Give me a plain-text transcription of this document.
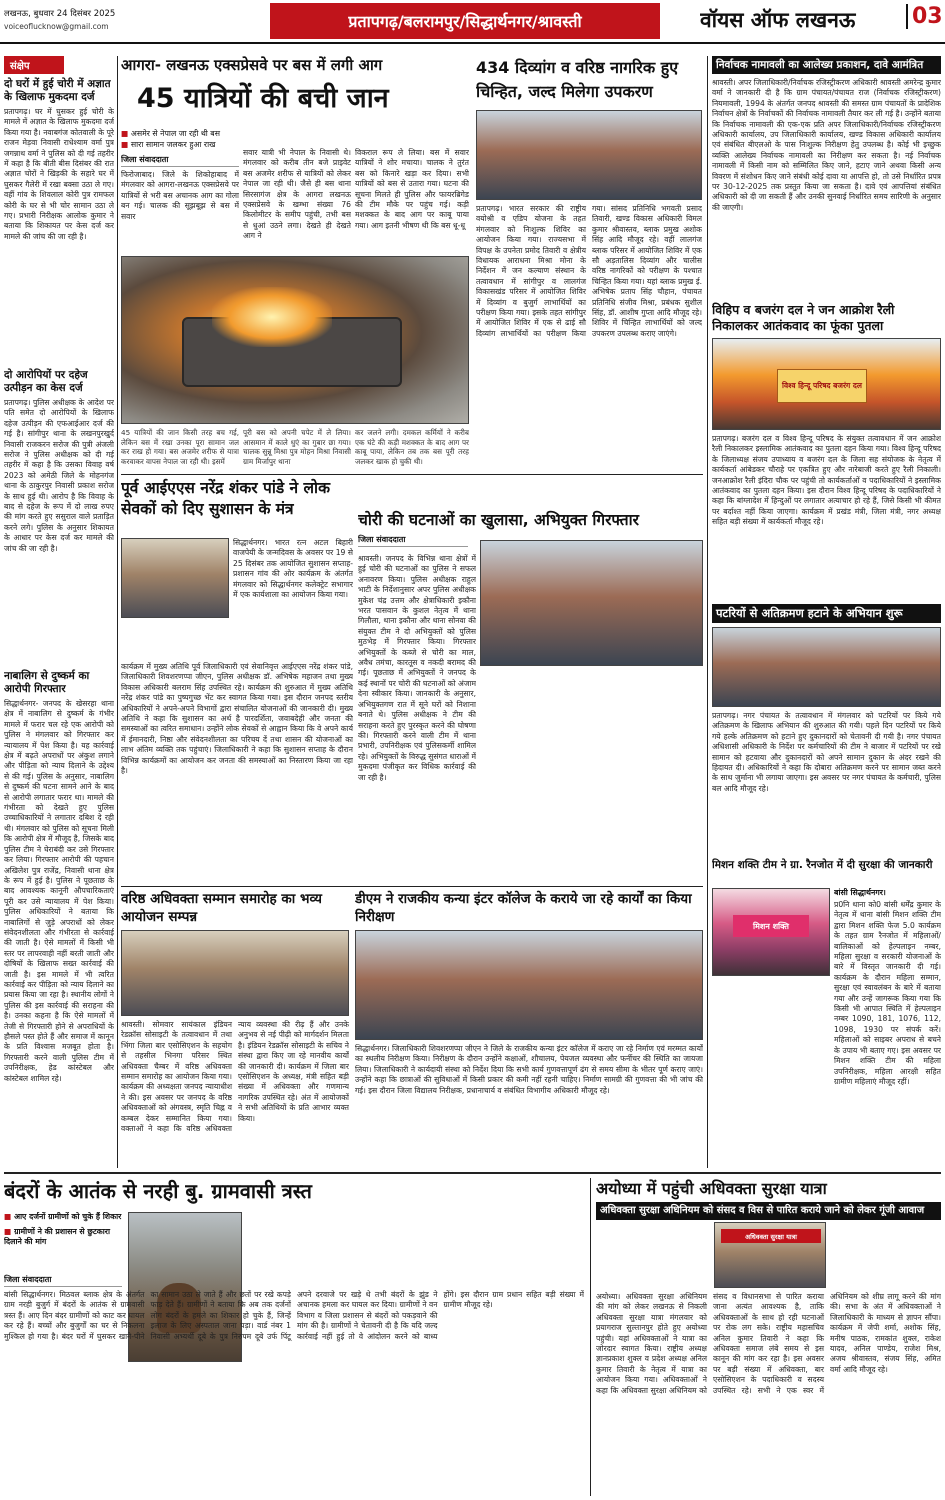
लखनऊ, बुधवार 24 दिसंबर 2025
voiceoflucknow@gmail.com	प्रतापगढ़/बलरामपुर/सिद्धार्थनगर/श्रावस्ती	वॉयस ऑफ लखनऊ	03
संक्षेप
दो घरों में हुई चोरी में अज्ञात के खिलाफ मुकदमा दर्ज
प्रतापगढ़। घर में घुसकर हुई चोरी के मामले में अज्ञात के खिलाफ मुकदमा दर्ज किया गया है। नवाबगंज कोतवाली के पूरे राजन मेड़वा निवासी राधेश्याम वर्मा पुत्र जगन्नाथ वर्मा ने पुलिस को दी गई तहरीर में कहा है कि बीती बीस दिसंबर की रात अज्ञात चोरों ने खिड़की के सहारे घर में घुसकर गैलेरी में रखा बक्सा उठा ले गए। वहीं गांव के शिवलाल कोरी पुत्र रामफल कोरी के घर से भी चोर सामान उठा ले गए। प्रभारी निरीक्षक आलोक कुमार ने बताया कि शिकायत पर केस दर्ज कर मामले की जांच की जा रही है।
दो आरोपियों पर दहेज उत्पीड़न का केस दर्ज
प्रतापगढ़। पुलिस अधीक्षक के आदेश पर पति समेत दो आरोपियों के खिलाफ दहेज उत्पीड़न की एफआईआर दर्ज की गई है। सांगीपुर थाना के लखनपुरखुर्द निवासी राजकरन सरोज की पुत्री अंजली सरोज ने पुलिस अधीक्षक को दी गई तहरीर में कहा है कि उसका विवाह वर्ष 2023 को अमेठी जिले के मोहनगंज थाना के ठाकुरपुर निवासी प्रकाश सरोज के साथ हुई थी। आरोप है कि विवाह के बाद से दहेज के रूप में दो लाख रुपए की मांग करते हुए ससुराल वाले प्रताड़ित करने लगे। पुलिस के अनुसार शिकायत के आधार पर केस दर्ज कर मामले की जांच की जा रही है।
नाबालिग से दुष्कर्म का आरोपी गिरफ्तार
सिद्धार्थनगर- जनपद के खेसरहा थाना क्षेत्र में नाबालिग से दुष्कर्म के गंभीर मामले में फरार चल रहे एक आरोपी को पुलिस ने मंगलवार को गिरफ्तार कर न्यायालय में पेश किया है। यह कार्रवाई क्षेत्र में बढ़ते अपराधों पर अंकुश लगाने और पीड़िता को न्याय दिलाने के उद्देश्य से की गई। पुलिस के अनुसार, नाबालिग से दुष्कर्म की घटना सामने आने के बाद से आरोपी लगातार फरार था। मामले की गंभीरता को देखते हुए पुलिस उच्चाधिकारियों ने लगातार दबिश दे रही थी। मंगलवार को पुलिस को सूचना मिली कि आरोपी क्षेत्र में मौजूद है, जिसके बाद पुलिस टीम ने घेराबंदी कर उसे गिरफ्तार कर लिया। गिरफ्तार आरोपी की पहचान अखिलेश पुत्र राजेंद्र, निवासी थाना क्षेत्र के रूप में हुई है। पुलिस ने पूछताछ के बाद आवश्यक कानूनी औपचारिकताएं पूरी कर उसे न्यायालय में पेश किया। पुलिस अधिकारियों ने बताया कि नाबालिगों से जुड़े अपराधों को लेकर संवेदनशीलता और गंभीरता से कार्रवाई की जाती है। ऐसे मामलों में किसी भी स्तर पर लापरवाही नहीं बरती जाती और दोषियों के खिलाफ सख्त कार्रवाई की जाती है। इस मामले में भी त्वरित कार्रवाई कर पीड़िता को न्याय दिलाने का प्रयास किया जा रहा है। स्थानीय लोगों ने पुलिस की इस कार्रवाई की सराहना की है। उनका कहना है कि ऐसे मामलों में तेजी से गिरफ्तारी होने से अपराधियों के हौसले पस्त होते हैं और समाज में कानून के प्रति विश्वास मजबूत होता है। गिरफ्तारी करने वाली पुलिस टीम में उपनिरीक्षक, हेड कांस्टेबल और कांस्टेबल शामिल रहे।
आगरा- लखनऊ एक्सप्रेसवे पर बस में लगी आग
45 यात्रियों की बची जान
■ असमेर से नेपाल जा रही थी बस
■ सारा सामान जलकर हुआ राख
जिला संवाददाता
फिरोजाबाद। जिले के शिकोहाबाद में मंगलवार को आगरा-लखनऊ एक्सप्रेसवे पर यात्रियों से भरी बस अचानक आग का गोला बन गई। चालक की सूझबूझ से बस में सवार
सवार यात्री भी नेपाल के निवासी थे। मंगलवार को करीब तीन बजे प्राइवेट बस अजमेर शरीफ से यात्रियों को लेकर नेपाल जा रही थी। जैसे ही बस थाना सिरसागंज क्षेत्र के आगरा लखनऊ एक्सप्रेसवे के खम्भा संख्या 76 किलोमीटर के समीप पहुंची, तभी बस से धुआं उठने लगा। देखते ही देखते आग ने
विकराल रूप ले लिया। बस में सवार यात्रियों ने शोर मचाया। चालक ने तुरंत बस को किनारे खड़ा कर दिया। सभी यात्रियों को बस से उतारा गया। घटना की सूचना मिलते ही पुलिस और फायरब्रिगेड की टीम मौके पर पहुंच गई। कड़ी मशक्कत के बाद आग पर काबू पाया गया। आग इतनी भीषण थी कि बस धू-धू
45 यात्रियों की जान किसी तरह बच गई, लेकिन बस में रखा उनका पूरा सामान जल कर राख हो गया। बस अजमेर शरीफ से यात्रा करवाकर वापस नेपाल जा रही थी। इसमें
पूरी बस को अपनी चपेट में ले लिया। आसमान में काले धुएं का गुबार छा गया। चालक सुन्नू मिश्रा पुत्र मोहन मिश्रा निवासी ग्राम मिर्जापुर थाना
कर जलने लगी। दमकल कर्मियों ने करीब एक घंटे की कड़ी मशक्कत के बाद आग पर काबू पाया, लेकिन तब तक बस पूरी तरह जलकर खाक हो चुकी थी।
434 दिव्यांग व वरिष्ठ नागरिक हुए चिन्हित, जल्द मिलेगा उपकरण
प्रतापगढ़। भारत सरकार की राष्ट्रीय वयोश्री व एडिप योजना के तहत मंगलवार को निःशुल्क शिविर का आयोजन किया गया। राज्यसभा में विपक्ष के उपनेता प्रमोद तिवारी व क्षेत्रीय विधायक आराधना मिश्रा मोना के निर्देशन में जन कल्याण संस्थान के तत्वावधान में सांगीपुर व लालगंज विकासखंड परिसर में आयोजित शिविर में दिव्यांग व बुजुर्ग लाभार्थियों का परीक्षण किया गया। इसके तहत सांगीपुर में आयोजित शिविर में एक से ढाई सौ दिव्यांग लाभार्थियों का परीक्षण किया गया। सांसद प्रतिनिधि भगवती प्रसाद तिवारी, खण्ड विकास अधिकारी विमल कुमार श्रीवास्तव, ब्लाक प्रमुख अशोक सिंह आदि मौजूद रहे। वहीं लालगंज ब्लाक परिसर में आयोजित शिविर में एक सौ अड़तालिस दिव्यांग और चालीस वरिष्ठ नागरिकों को परीक्षण के पश्चात चिन्हित किया गया। यहां ब्लाक प्रमुख ई. अभिषेक प्रताप सिंह चौहान, पंचायत प्रतिनिधि संजीव मिश्रा, प्रबंधक सुशील सिंह, डॉ. आशीष गुप्ता आदि मौजूद रहे। शिविर में चिन्हित लाभार्थियों को जल्द उपकरण उपलब्ध कराए जाएंगे।
निर्वाचक नामावली का आलेख्य प्रकाशन, दावे आमंत्रित
श्रावस्ती। अपर जिलाधिकारी/निर्वाचक रजिस्ट्रीकरण अधिकारी श्रावस्ती अमरेन्द्र कुमार वर्मा ने जानकारी दी है कि ग्राम पंचायत/पंचायत राज (निर्वाचक रजिस्ट्रीकरण) नियमावली, 1994 के अंतर्गत जनपद श्रावस्ती की समस्त ग्राम पंचायतों के प्रादेशिक निर्वाचन क्षेत्रों के निर्वाचकों की निर्वाचक नामावली तैयार कर ली गई है। उन्होंने बताया कि निर्वाचक नामावली की एक-एक प्रति अपर जिलाधिकारी/निर्वाचक रजिस्ट्रीकरण अधिकारी कार्यालय, उप जिलाधिकारी कार्यालय, खण्ड विकास अधिकारी कार्यालय एवं संबंधित बीएलओ के पास निःशुल्क निरीक्षण हेतु उपलब्ध है। कोई भी इच्छुक व्यक्ति आलेख्य निर्वाचक नामावली का निरीक्षण कर सकता है। नई निर्वाचक नामावली में किसी नाम को सम्मिलित किए जाने, हटाए जाने अथवा किसी अन्य विवरण में संशोधन किए जाने संबंधी कोई दावा या आपत्ति हो, तो उसे निर्धारित प्रपत्र पर 30-12-2025 तक प्रस्तुत किया जा सकता है। दावे एवं आपत्तियां संबंधित अधिकारी को दी जा सकती हैं और उनकी सुनवाई निर्धारित समय सारिणी के अनुसार की जाएगी।
विहिप व बजरंग दल ने जन आक्रोश रैली निकालकर आतंकवाद का फूंका पुतला
विश्व हिन्दू परिषद बजरंग दल
प्रतापगढ़। बजरंग दल व विश्व हिन्दू परिषद के संयुक्त तत्वावधान में जन आक्रोश रैली निकालकर इस्लामिक आतंकवाद का पुतला दहन किया गया। विश्व हिन्दू परिषद के जिलाध्यक्ष संजय उपाध्याय व बजरंग दल के जिला सह संयोजक के नेतृत्व में कार्यकर्ता आंबेडकर चौराहे पर एकत्रित हुए और नारेबाजी करते हुए रैली निकाली। जनआक्रोश रैली इंदिरा चौक पर पहुंची तो कार्यकर्ताओं व पदाधिकारियों ने इस्लामिक आतंकवाद का पुतला दहन किया। इस दौरान विश्व हिन्दू परिषद के पदाधिकारियों ने कहा कि बांग्लादेश में हिन्दुओं पर लगातार अत्याचार हो रहे हैं, जिसे किसी भी कीमत पर बर्दाश्त नहीं किया जाएगा। कार्यक्रम में प्रखंड मंत्री, जिला मंत्री, नगर अध्यक्ष सहित बड़ी संख्या में कार्यकर्ता मौजूद रहे।
पटरियों से अतिक्रमण हटाने के अभियान शुरू
प्रतापगढ़। नगर पंचायत के तत्वावधान में मंगलवार को पटरियों पर किये गये अतिक्रमण के खिलाफ अभियान की शुरुआत की गयी। पहले दिन पटरियों पर किये गये हल्के अतिक्रमण को हटाने हुए दुकानदारों को चेतावनी दी गयी है। नगर पंचायत अधिशासी अधिकारी के निर्देश पर कर्मचारियों की टीम ने बाजार में पटरियों पर रखे सामान को हटवाया और दुकानदारों को अपने सामान दुकान के अंदर रखने की हिदायत दी। अधिकारियों ने कहा कि दोबारा अतिक्रमण करने पर सामान जब्त करने के साथ जुर्माना भी लगाया जाएगा। इस अवसर पर नगर पंचायत के कर्मचारी, पुलिस बल आदि मौजूद रहे।
मिशन शक्ति टीम ने ग्रा. रैनजोत में दी सुरक्षा की जानकारी
मिशन शक्ति
बांसी सिद्धार्थनगर।
प्र0नि थाना को0 बांसी धर्मेंद्र कुमार के नेतृत्व में थाना बांसी मिशन शक्ति टीम द्वारा मिशन शक्ति फेज 5.0 कार्यक्रम के तहत ग्राम रैनजोत में महिलाओं/बालिकाओं को हेल्पलाइन नम्बर, महिला सुरक्षा व सरकारी योजनाओं के बारे में विस्तृत जानकारी दी गई। कार्यक्रम के दौरान महिला सम्मान, सुरक्षा एवं स्वावलंबन के बारे में बताया गया और उन्हें जागरूक किया गया कि किसी भी आपात स्थिति में हेल्पलाइन नम्बर 1090, 181, 1076, 112, 1098, 1930 पर संपर्क करें। महिलाओं को साइबर अपराध से बचने के उपाय भी बताए गए। इस अवसर पर मिशन शक्ति टीम की महिला उपनिरीक्षक, महिला आरक्षी सहित ग्रामीण महिलाएं मौजूद रहीं।
पूर्व आईएएस नरेंद्र शंकर पांडे ने लोक सेवकों को दिए सुशासन के मंत्र
सिद्धार्थनगर। भारत रत्न अटल बिहारी वाजपेयी के जन्मदिवस के अवसर पर 19 से 25 दिसंबर तक आयोजित सुशासन सप्ताह- प्रशासन गांव की ओर कार्यक्रम के अंतर्गत मंगलवार को सिद्धार्थनगर कलेक्ट्रेट सभागार में एक कार्यशाला का आयोजन किया गया।
कार्यक्रम में मुख्य अतिथि पूर्व जिलाधिकारी एवं सेवानिवृत्त आईएएस नरेंद्र शंकर पांडे, जिलाधिकारी शिवशरणप्पा जीएन, पुलिस अधीक्षक डॉ. अभिषेक महाजन तथा मुख्य विकास अधिकारी बलराम सिंह उपस्थित रहे। कार्यक्रम की शुरुआत में मुख्य अतिथि नरेंद्र शंकर पांडे का पुष्पगुच्छ भेंट कर स्वागत किया गया। इस दौरान जनपद स्तरीय अधिकारियों ने अपने-अपने विभागों द्वारा संचालित योजनाओं की जानकारी दी। मुख्य अतिथि ने कहा कि सुशासन का अर्थ है पारदर्शिता, जवाबदेही और जनता की समस्याओं का त्वरित समाधान। उन्होंने लोक सेवकों से आह्वान किया कि वे अपने कार्य में ईमानदारी, निष्ठा और संवेदनशीलता का परिचय दें तथा शासन की योजनाओं का लाभ अंतिम व्यक्ति तक पहुंचाएं। जिलाधिकारी ने कहा कि सुशासन सप्ताह के दौरान विभिन्न कार्यक्रमों का आयोजन कर जनता की समस्याओं का निस्तारण किया जा रहा है।
चोरी की घटनाओं का खुलासा, अभियुक्त गिरफ्तार
जिला संवाददाता
श्रावस्ती। जनपद के विभिन्न थाना क्षेत्रों में हुई चोरी की घटनाओं का पुलिस ने सफल अनावरण किया। पुलिस अधीक्षक राहुल भाटी के निर्देशानुसार अपर पुलिस अधीक्षक मुकेश चंद्र उत्तम और क्षेत्राधिकारी इकौना भरत पासवान के कुशल नेतृत्व में थाना गिलौला, थाना इकौना और थाना सोनवा की संयुक्त टीम ने दो अभियुक्तों को पुलिस मुठभेड़ में गिरफ्तार किया। गिरफ्तार अभियुक्तों के कब्जे से चोरी का माल, अवैध तमंचा, कारतूस व नकदी बरामद की गई। पूछताछ में अभियुक्तों ने जनपद के कई स्थानों पर चोरी की घटनाओं को अंजाम देना स्वीकार किया। जानकारी के अनुसार, अभियुक्तगण रात में सूने घरों को निशाना बनाते थे। पुलिस अधीक्षक ने टीम की सराहना करते हुए पुरस्कृत करने की घोषणा की। गिरफ्तारी करने वाली टीम में थाना प्रभारी, उपनिरीक्षक एवं पुलिसकर्मी शामिल रहे। अभियुक्तों के विरुद्ध सुसंगत धाराओं में मुकदमा पंजीकृत कर विधिक कार्रवाई की जा रही है।
वरिष्ठ अधिवक्ता सम्मान समारोह का भव्य आयोजन सम्पन्न
श्रावस्ती। सोमवार सायंकाल इंडियन रेडक्रॉस सोसाइटी के तत्वावधान में तथा भिंगा जिला बार एसोसिएशन के सहयोग से तहसील भिनगा परिसर स्थित अधिवक्ता चैम्बर में वरिष्ठ अधिवक्ता सम्मान समारोह का आयोजन किया गया। कार्यक्रम की अध्यक्षता जनपद न्यायाधीश ने की। इस अवसर पर जनपद के वरिष्ठ अधिवक्ताओं को अंगवस्त्र, स्मृति चिह्न व कम्बल देकर सम्मानित किया गया। वक्ताओं ने कहा कि वरिष्ठ अधिवक्ता न्याय व्यवस्था की रीढ़ हैं और उनके अनुभव से नई पीढ़ी को मार्गदर्शन मिलता है। इंडियन रेडक्रॉस सोसाइटी के सचिव ने संस्था द्वारा किए जा रहे मानवीय कार्यों की जानकारी दी। कार्यक्रम में जिला बार एसोसिएशन के अध्यक्ष, मंत्री सहित बड़ी संख्या में अधिवक्ता और गणमान्य नागरिक उपस्थित रहे। अंत में आयोजकों ने सभी अतिथियों के प्रति आभार व्यक्त किया।
डीएम ने राजकीय कन्या इंटर कॉलेज के कराये जा रहे कार्यों का किया निरीक्षण
सिद्धार्थनगर। जिलाधिकारी शिवशरणप्पा जीएन ने जिले के राजकीय कन्या इंटर कॉलेज में कराए जा रहे निर्माण एवं मरम्मत कार्यों का स्थलीय निरीक्षण किया। निरीक्षण के दौरान उन्होंने कक्षाओं, शौचालय, पेयजल व्यवस्था और फर्नीचर की स्थिति का जायजा लिया। जिलाधिकारी ने कार्यदायी संस्था को निर्देश दिया कि सभी कार्य गुणवत्तापूर्ण ढंग से समय सीमा के भीतर पूर्ण कराए जाएं। उन्होंने कहा कि छात्राओं की सुविधाओं में किसी प्रकार की कमी नहीं रहनी चाहिए। निर्माण सामग्री की गुणवत्ता की भी जांच की गई। इस दौरान जिला विद्यालय निरीक्षक, प्रधानाचार्य व संबंधित विभागीय अधिकारी मौजूद रहे।
बंदरों के आतंक से नरही बु. ग्रामवासी त्रस्त
■ आए दर्जनों ग्रामीणों को चुके हैं शिकार
■ ग्रामीणों ने की प्रशासन से छुटकारा दिलाने की मांग
जिला संवाददाता
बांसी सिद्धार्थनगर। मिठवल ब्लाक क्षेत्र के अंतर्गत ग्राम नरही बुजुर्ग में बंदरों के आतंक से ग्रामवासी त्रस्त हैं। आए दिन बंदर ग्रामीणों को काट कर घायल कर रहे हैं। बच्चों और बुजुर्गों का घर से निकलना मुश्किल हो गया है। बंदर घरों में घुसकर खाने-पीने का सामान उठा ले जाते हैं और छतों पर रखे कपड़े फाड़ देते हैं। ग्रामीणों ने बताया कि अब तक दर्जनों लोग बंदरों के हमले का शिकार हो चुके हैं, जिन्हें इलाज के लिए अस्पताल जाना पड़ा। वार्ड नंबर 1 निवासी अभ्यर्थी दूबे के पुत्र निरुपम दूबे उर्फ पिंटू अपने दरवाजे पर खड़े थे तभी बंदरों के झुंड ने अचानक हमला कर घायल कर दिया। ग्रामीणों ने वन विभाग व जिला प्रशासन से बंदरों को पकड़वाने की मांग की है। ग्रामीणों ने चेतावनी दी है कि यदि जल्द कार्रवाई नहीं हुई तो वे आंदोलन करने को बाध्य होंगे। इस दौरान ग्राम प्रधान सहित बड़ी संख्या में ग्रामीण मौजूद रहे।
अयोध्या में पहुंची अधिवक्ता सुरक्षा यात्रा
अधिवक्ता सुरक्षा अधिनियम को संसद व विस से पारित कराये जाने को लेकर गूंजी आवाज
अधिवक्ता सुरक्षा यात्रा
अयोध्या। अधिवक्ता सुरक्षा अधिनियम की मांग को लेकर लखनऊ से निकली अधिवक्ता सुरक्षा यात्रा मंगलवार को प्रयागराज सुल्तानपुर होते हुए अयोध्या पहुंची। यहां अधिवक्ताओं ने यात्रा का जोरदार स्वागत किया। राष्ट्रीय अध्यक्ष ज्ञानप्रकाश शुक्ल व प्रदेश अध्यक्ष अनिल कुमार तिवारी के नेतृत्व में यात्रा का आयोजन किया गया। अधिवक्ताओं ने कहा कि अधिवक्ता सुरक्षा अधिनियम को संसद व विधानसभा से पारित कराया जाना अत्यंत आवश्यक है, ताकि अधिवक्ताओं के साथ हो रही घटनाओं पर रोक लग सके। राष्ट्रीय महासचिव अनिल कुमार तिवारी ने कहा कि अधिवक्ता समाज लंबे समय से इस कानून की मांग कर रहा है। इस अवसर पर बड़ी संख्या में अधिवक्ता, बार एसोसिएशन के पदाधिकारी व सदस्य उपस्थित रहे। सभी ने एक स्वर में अधिनियम को शीघ्र लागू करने की मांग की। सभा के अंत में अधिवक्ताओं ने जिलाधिकारी के माध्यम से ज्ञापन सौंपा। कार्यक्रम में जेपी शर्मा, अशोक सिंह, मनीष पाठक, रामकांत शुक्ल, राकेश यादव, अनिल पाण्डेय, राजेश मिश्र, अजय श्रीवास्तव, संजय सिंह, अमित वर्मा आदि मौजूद रहे।
